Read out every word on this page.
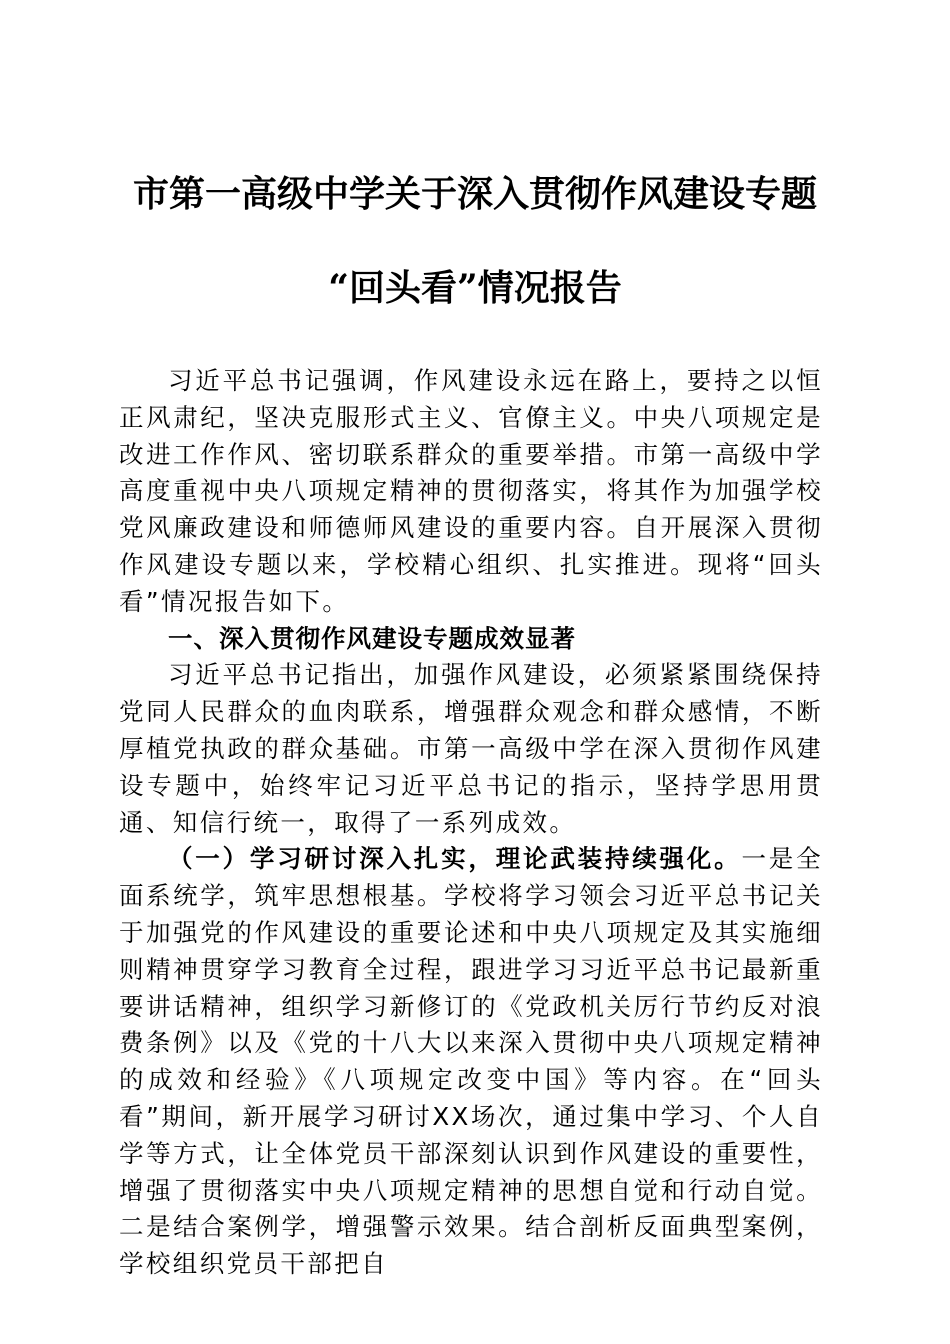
市第一高级中学关于深入贯彻作风建设专题
“回头看”情况报告

习近平总书记强调，作风建设永远在路上，要持之以恒正风肃纪，坚决克服形式主义、官僚主义。中央八项规定是改进工作作风、密切联系群众的重要举措。市第一高级中学高度重视中央八项规定精神的贯彻落实，将其作为加强学校党风廉政建设和师德师风建设的重要内容。自开展深入贯彻作风建设专题以来，学校精心组织、扎实推进。现将“回头看”情况报告如下。

一、深入贯彻作风建设专题成效显著

习近平总书记指出，加强作风建设，必须紧紧围绕保持党同人民群众的血肉联系，增强群众观念和群众感情，不断厚植党执政的群众基础。市第一高级中学在深入贯彻作风建设专题中，始终牢记习近平总书记的指示，坚持学思用贯通、知信行统一，取得了一系列成效。

（一）学习研讨深入扎实，理论武装持续强化。一是全面系统学，筑牢思想根基。学校将学习领会习近平总书记关于加强党的作风建设的重要论述和中央八项规定及其实施细则精神贯穿学习教育全过程，跟进学习习近平总书记最新重要讲话精神，组织学习新修订的《党政机关厉行节约反对浪费条例》以及《党的十八大以来深入贯彻中央八项规定精神的成效和经验》《八项规定改变中国》等内容。在“回头看”期间，新开展学习研讨XX场次，通过集中学习、个人自学等方式，让全体党员干部深刻认识到作风建设的重要性，增强了贯彻落实中央八项规定精神的思想自觉和行动自觉。二是结合案例学，增强警示效果。结合剖析反面典型案例，学校组织党员干部把自
